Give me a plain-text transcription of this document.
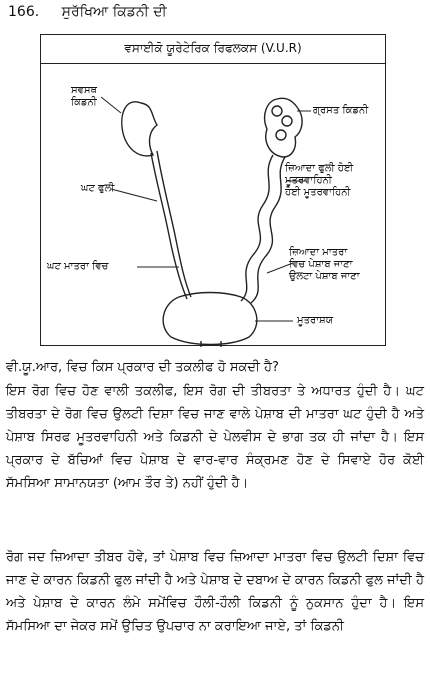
166. ਸੁਰੱਖਿਆ ਕਿਡਨੀ ਦੀ
ਵਸਾਈਕੋ ਯੂਰੇਟੇਰਿਕ ਰਿਫਲਕਸ (V.U.R)
ਸਵਸਥ
ਕਿਡਨੀ
ਗ੍ਰਸਤ ਕਿਡਨੀ
ਜ਼ਿਆਦਾ ਫੁਲੀ ਹੋਈ
ਮੂਤਰਵਾਹਿਨੀ
ਹੋਈ ਮੂਤਰਵਾਹਿਨੀ
ਘਟ ਫੁਲੀ
ਘਟ ਮਾਤਰਾ ਵਿਚ
ਜ਼ਿਆਦਾ ਮਾਤਰਾ
ਵਿਚ ਪੇਸ਼ਾਬ ਜਾਣਾ
ਉਲਟਾ ਪੇਸ਼ਾਬ ਜਾਣਾ
ਮੂਤਰਾਸ਼ਯ
ਵੀ.ਯੂ.ਆਰ, ਵਿਚ ਕਿਸ ਪ੍ਰਕਾਰ ਦੀ ਤਕਲੀਫ ਹੋ ਸਕਦੀ ਹੈ?
ਇਸ ਰੋਗ ਵਿਚ ਹੋਣ ਵਾਲੀ ਤਕਲੀਫ, ਇਸ ਰੋਗ ਦੀ ਤੀਬਰਤਾ ਤੇ ਅਧਾਰਤ ਹੁੰਦੀ ਹੈ। ਘਟ ਤੀਬਰਤਾ ਦੇ ਰੋਗ ਵਿਚ ਉਲਟੀ ਦਿਸ਼ਾ ਵਿਚ ਜਾਣ ਵਾਲੇ ਪੇਸ਼ਾਬ ਦੀ ਮਾਤਰਾ ਘਟ ਹੁੰਦੀ ਹੈ ਅਤੇ ਪੇਸ਼ਾਬ ਸਿਰਫ ਮੂਤਰਵਾਹਿਨੀ ਅਤੇ ਕਿਡਨੀ ਦੇ ਪੇਲਵੀਸ ਦੇ ਭਾਗ ਤਕ ਹੀ ਜਾਂਦਾ ਹੈ। ਇਸ ਪ੍ਰਕਾਰ ਦੇ ਬੱਚਿਆਂ ਵਿਚ ਪੇਸ਼ਾਬ ਦੇ ਵਾਰ-ਵਾਰ ਸੰਕ੍ਰਮਣ ਹੋਣ ਦੇ ਸਿਵਾਏ ਹੋਰ ਕੋਈ ਸੱਮਸਿਆ ਸਾਮਾਨਯਤਾ (ਆਮ ਤੌਰ ਤੇ) ਨਹੀਂ ਹੁੰਦੀ ਹੈ।
ਰੋਗ ਜਦ ਜ਼ਿਆਦਾ ਤੀਬਰ ਹੋਵੇ, ਤਾਂ ਪੇਸ਼ਾਬ ਵਿਚ ਜ਼ਿਆਦਾ ਮਾਤਰਾ ਵਿਚ ਉਲਟੀ ਦਿਸ਼ਾ ਵਿਚ ਜਾਣ ਦੇ ਕਾਰਨ ਕਿਡਨੀ ਫੁਲ ਜਾਂਦੀ ਹੈ ਅਤੇ ਪੇਸ਼ਾਬ ਦੇ ਦਬਾਅ ਦੇ ਕਾਰਨ ਕਿਡਨੀ ਫੁਲ ਜਾਂਦੀ ਹੈ ਅਤੇ ਪੇਸ਼ਾਬ ਦੇ ਕਾਰਨ ਲੰਮੇ ਸਮੇਂਵਿਚ ਹੌਲੀ-ਹੌਲੀ ਕਿਡਨੀ ਨੂੰ ਨੁਕਸਾਨ ਹੁੰਦਾ ਹੈ। ਇਸ ਸੱਮਸਿਆ ਦਾ ਜੇਕਰ ਸਮੇਂ ਉਚਿਤ ਉਪਚਾਰ ਨਾ ਕਰਾਇਆ ਜਾਏ, ਤਾਂ ਕਿਡਨੀ
